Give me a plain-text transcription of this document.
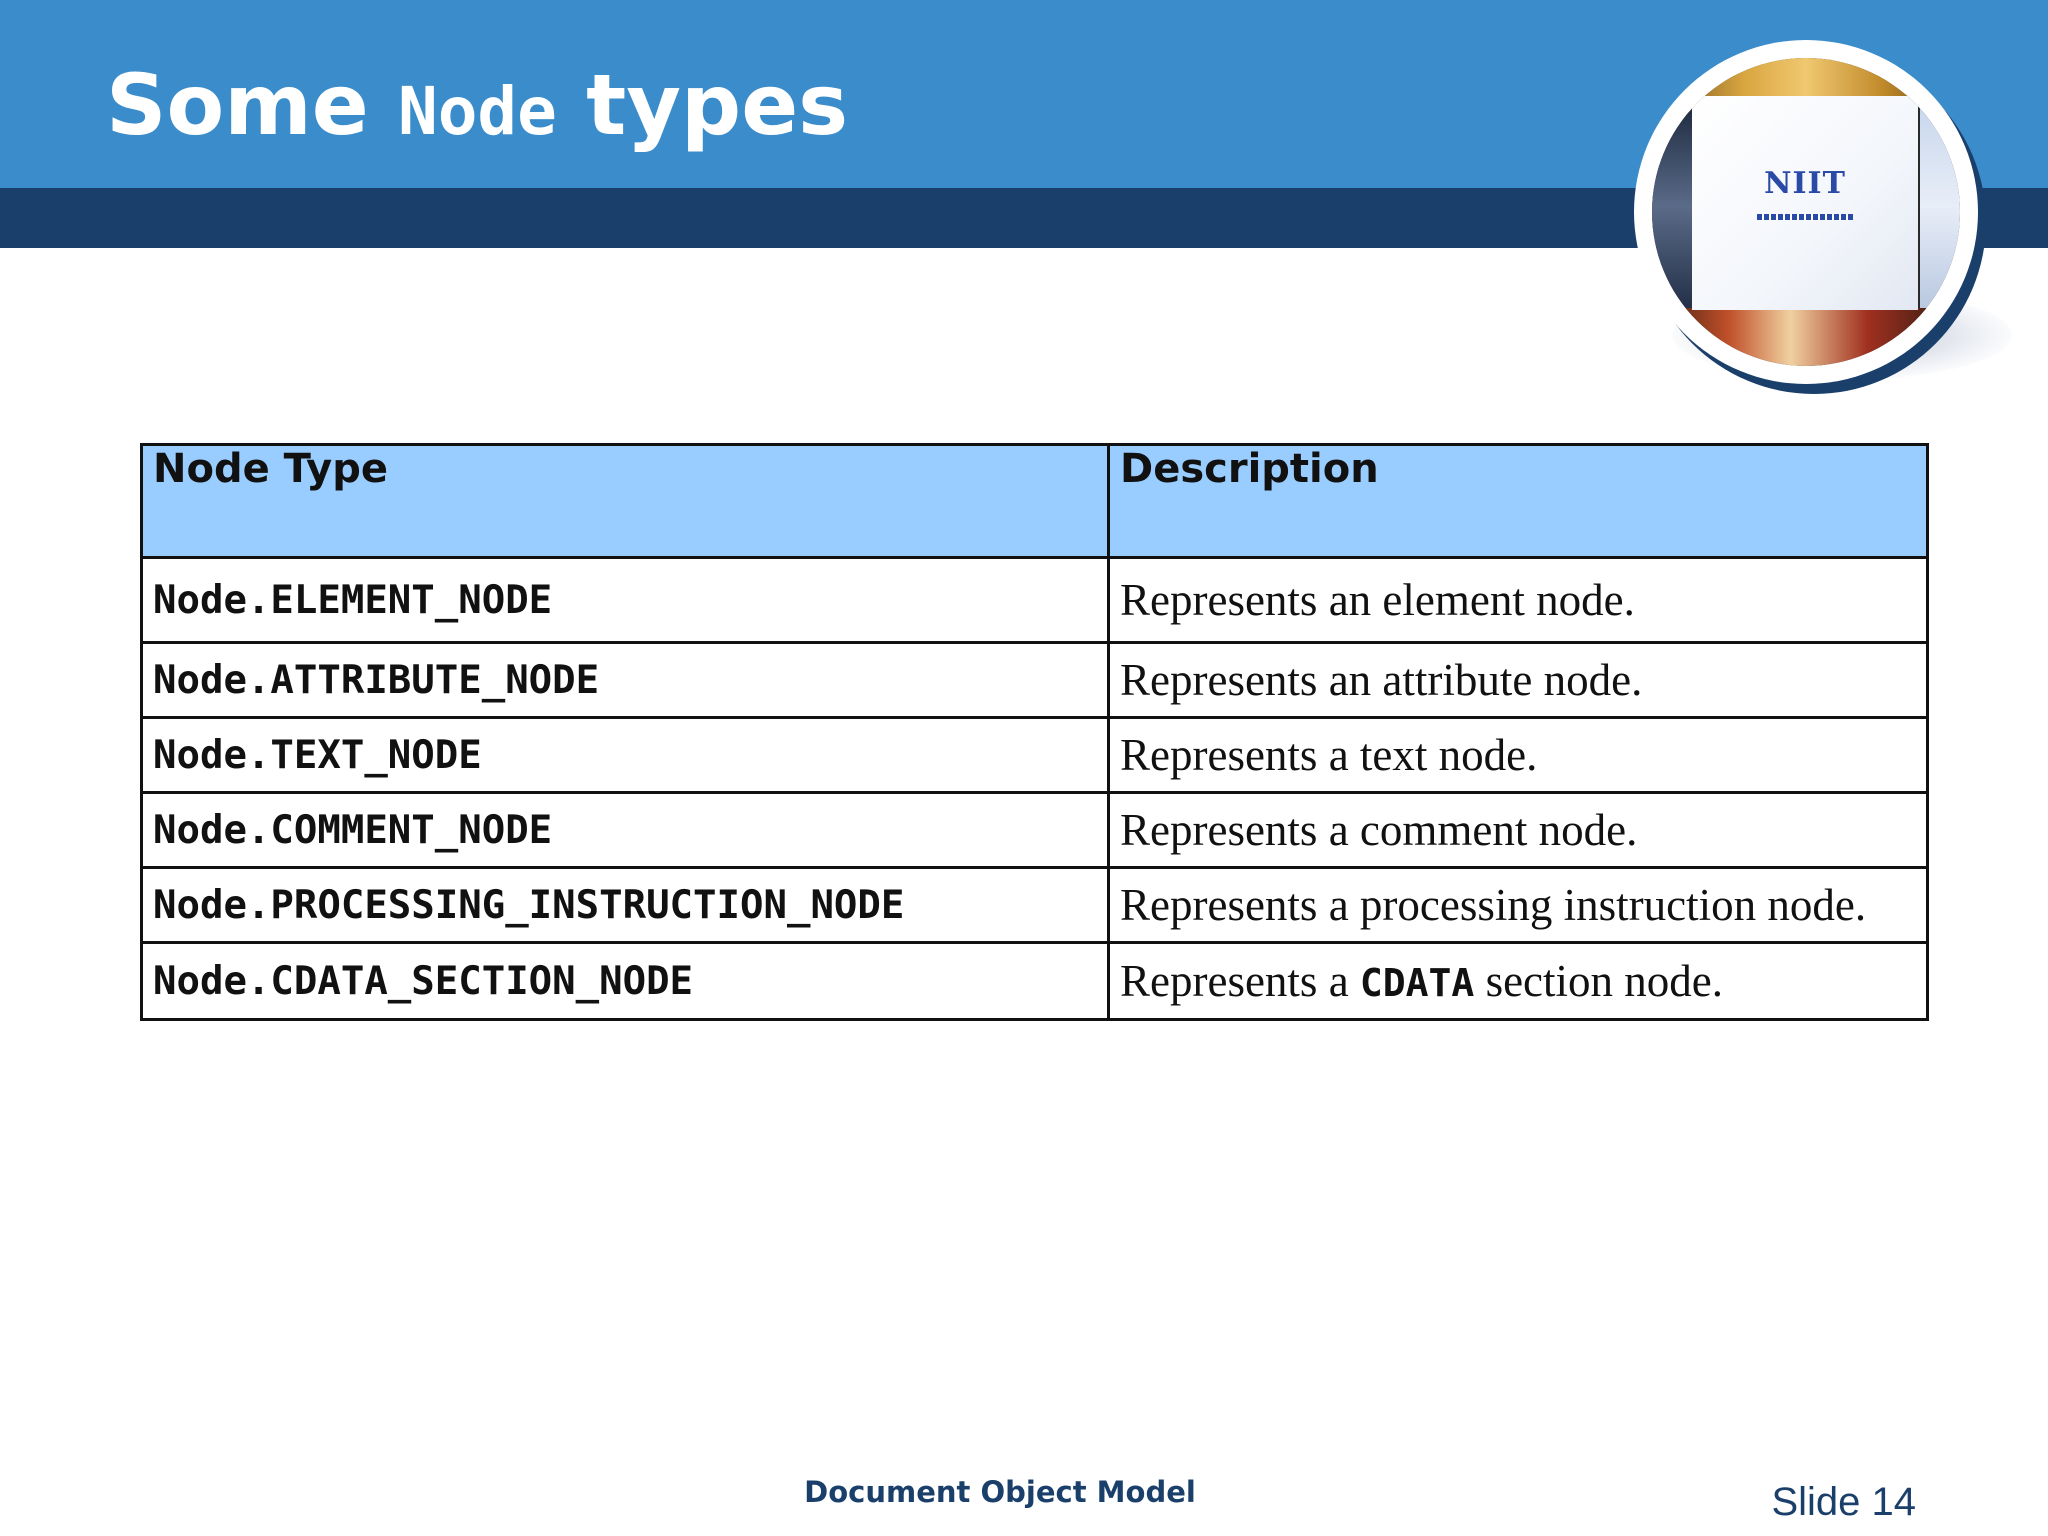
Some Node types
NIIT
Node Type	Description
Node.ELEMENT_NODE	Represents an element node.
Node.ATTRIBUTE_NODE	Represents an attribute node.
Node.TEXT_NODE	Represents a text node.
Node.COMMENT_NODE	Represents a comment node.
Node.PROCESSING_INSTRUCTION_NODE	Represents a processing instruction node.
Node.CDATA_SECTION_NODE	Represents a CDATA section node.
Document Object Model	Slide 14
